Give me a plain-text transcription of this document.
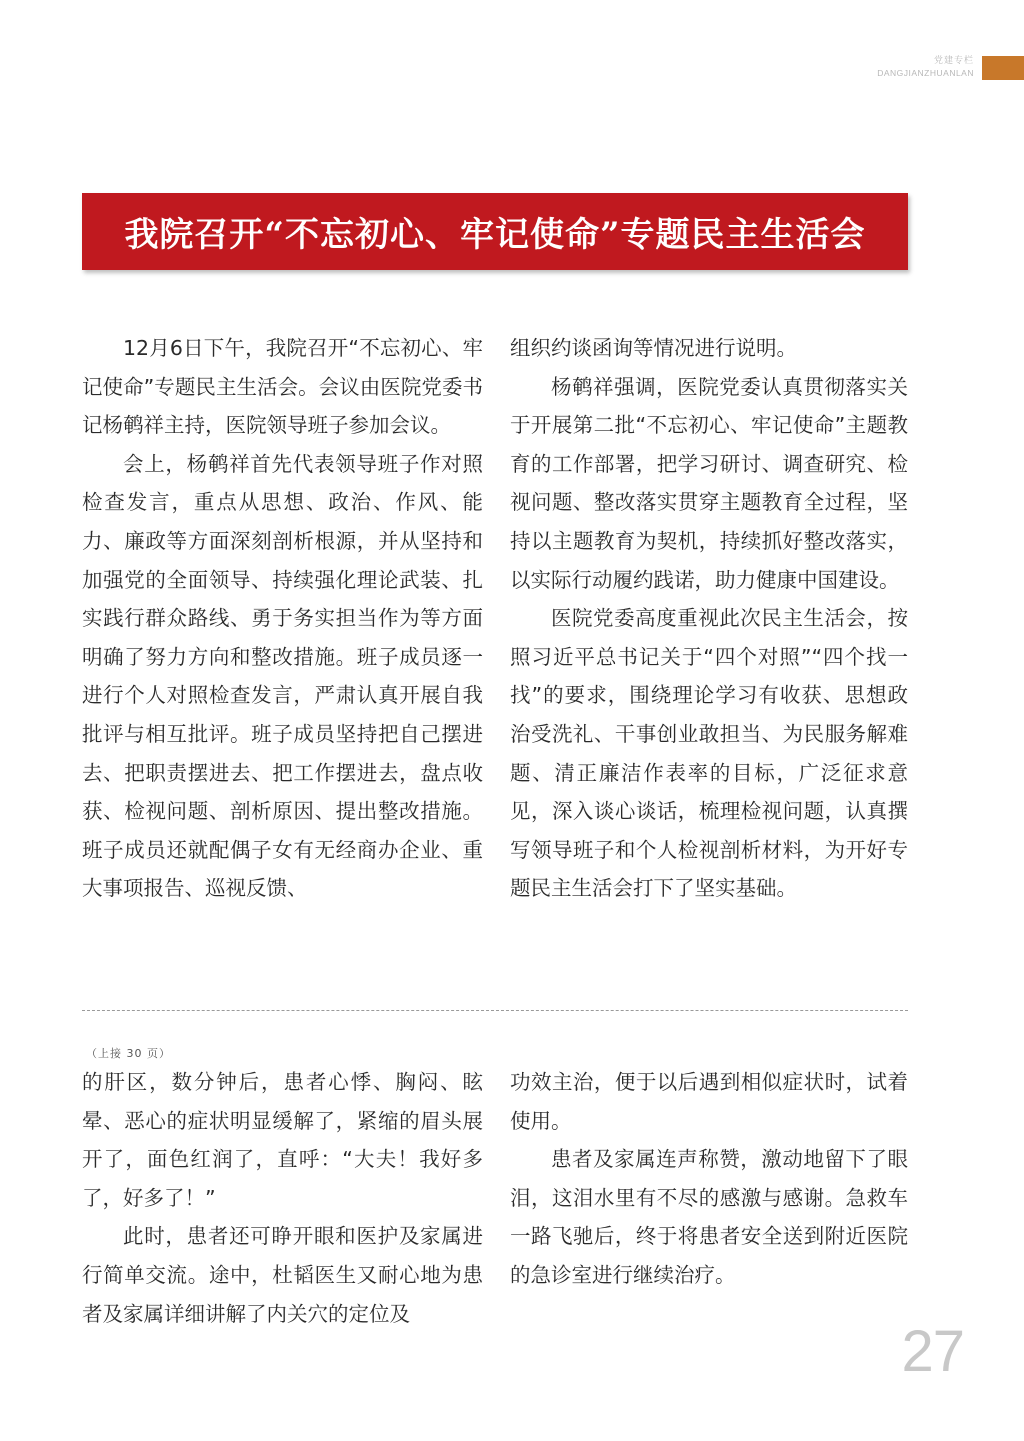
党建专栏
DANGJIANZHUANLAN
我院召开“不忘初心、牢记使命”专题民主生活会

12月6日下午，我院召开“不忘初心、牢记使命”专题民主生活会。会议由医院党委书记杨鹌祥主持，医院领导班子参加会议。

会上，杨鹌祥首先代表领导班子作对照检查发言，重点从思想、政治、作风、能力、廉政等方面深刻剖析根源，并从坚持和加强党的全面领导、持续强化理论武装、扎实践行群众路线、勇于务实担当作为等方面明确了努力方向和整改措施。班子成员逐一进行个人对照检查发言，严肃认真开展自我批评与相互批评。班子成员坚持把自己摆进去、把职责摆进去、把工作摆进去，盘点收获、检视问题、剖析原因、提出整改措施。班子成员还就配偶子女有无经商办企业、重大事项报告、巡视反馈、

组织约谈函询等情况进行说明。

杨鹌祥强调，医院党委认真贯彻落实关于开展第二批“不忘初心、牢记使命”主题教育的工作部署，把学习研讨、调查研究、检视问题、整改落实贯穿主题教育全过程，坚持以主题教育为契机，持续抓好整改落实，以实际行动履约践诺，助力健康中国建设。

医院党委高度重视此次民主生活会，按照习近平总书记关于“四个对照”“四个找一找”的要求，围绕理论学习有收获、思想政治受洗礼、干事创业敢担当、为民服务解难题、清正廉洁作表率的目标，广泛征求意见，深入谈心谈话，梳理检视问题，认真撰写领导班子和个人检视剖析材料，为开好专题民主生活会打下了坚实基础。

（上接 30 页）

的肝区，数分钟后，患者心悸、胸闷、眩晕、恶心的症状明显缓解了，紧缩的眉头展开了，面色红润了，直呼：“大夫！我好多了，好多了！”

此时，患者还可睁开眼和医护及家属进行简单交流。途中，杜韬医生又耐心地为患者及家属详细讲解了内关穴的定位及

功效主治，便于以后遇到相似症状时，试着使用。

患者及家属连声称赞，激动地留下了眼泪，这泪水里有不尽的感激与感谢。急救车一路飞驰后，终于将患者安全送到附近医院的急诊室进行继续治疗。

27
